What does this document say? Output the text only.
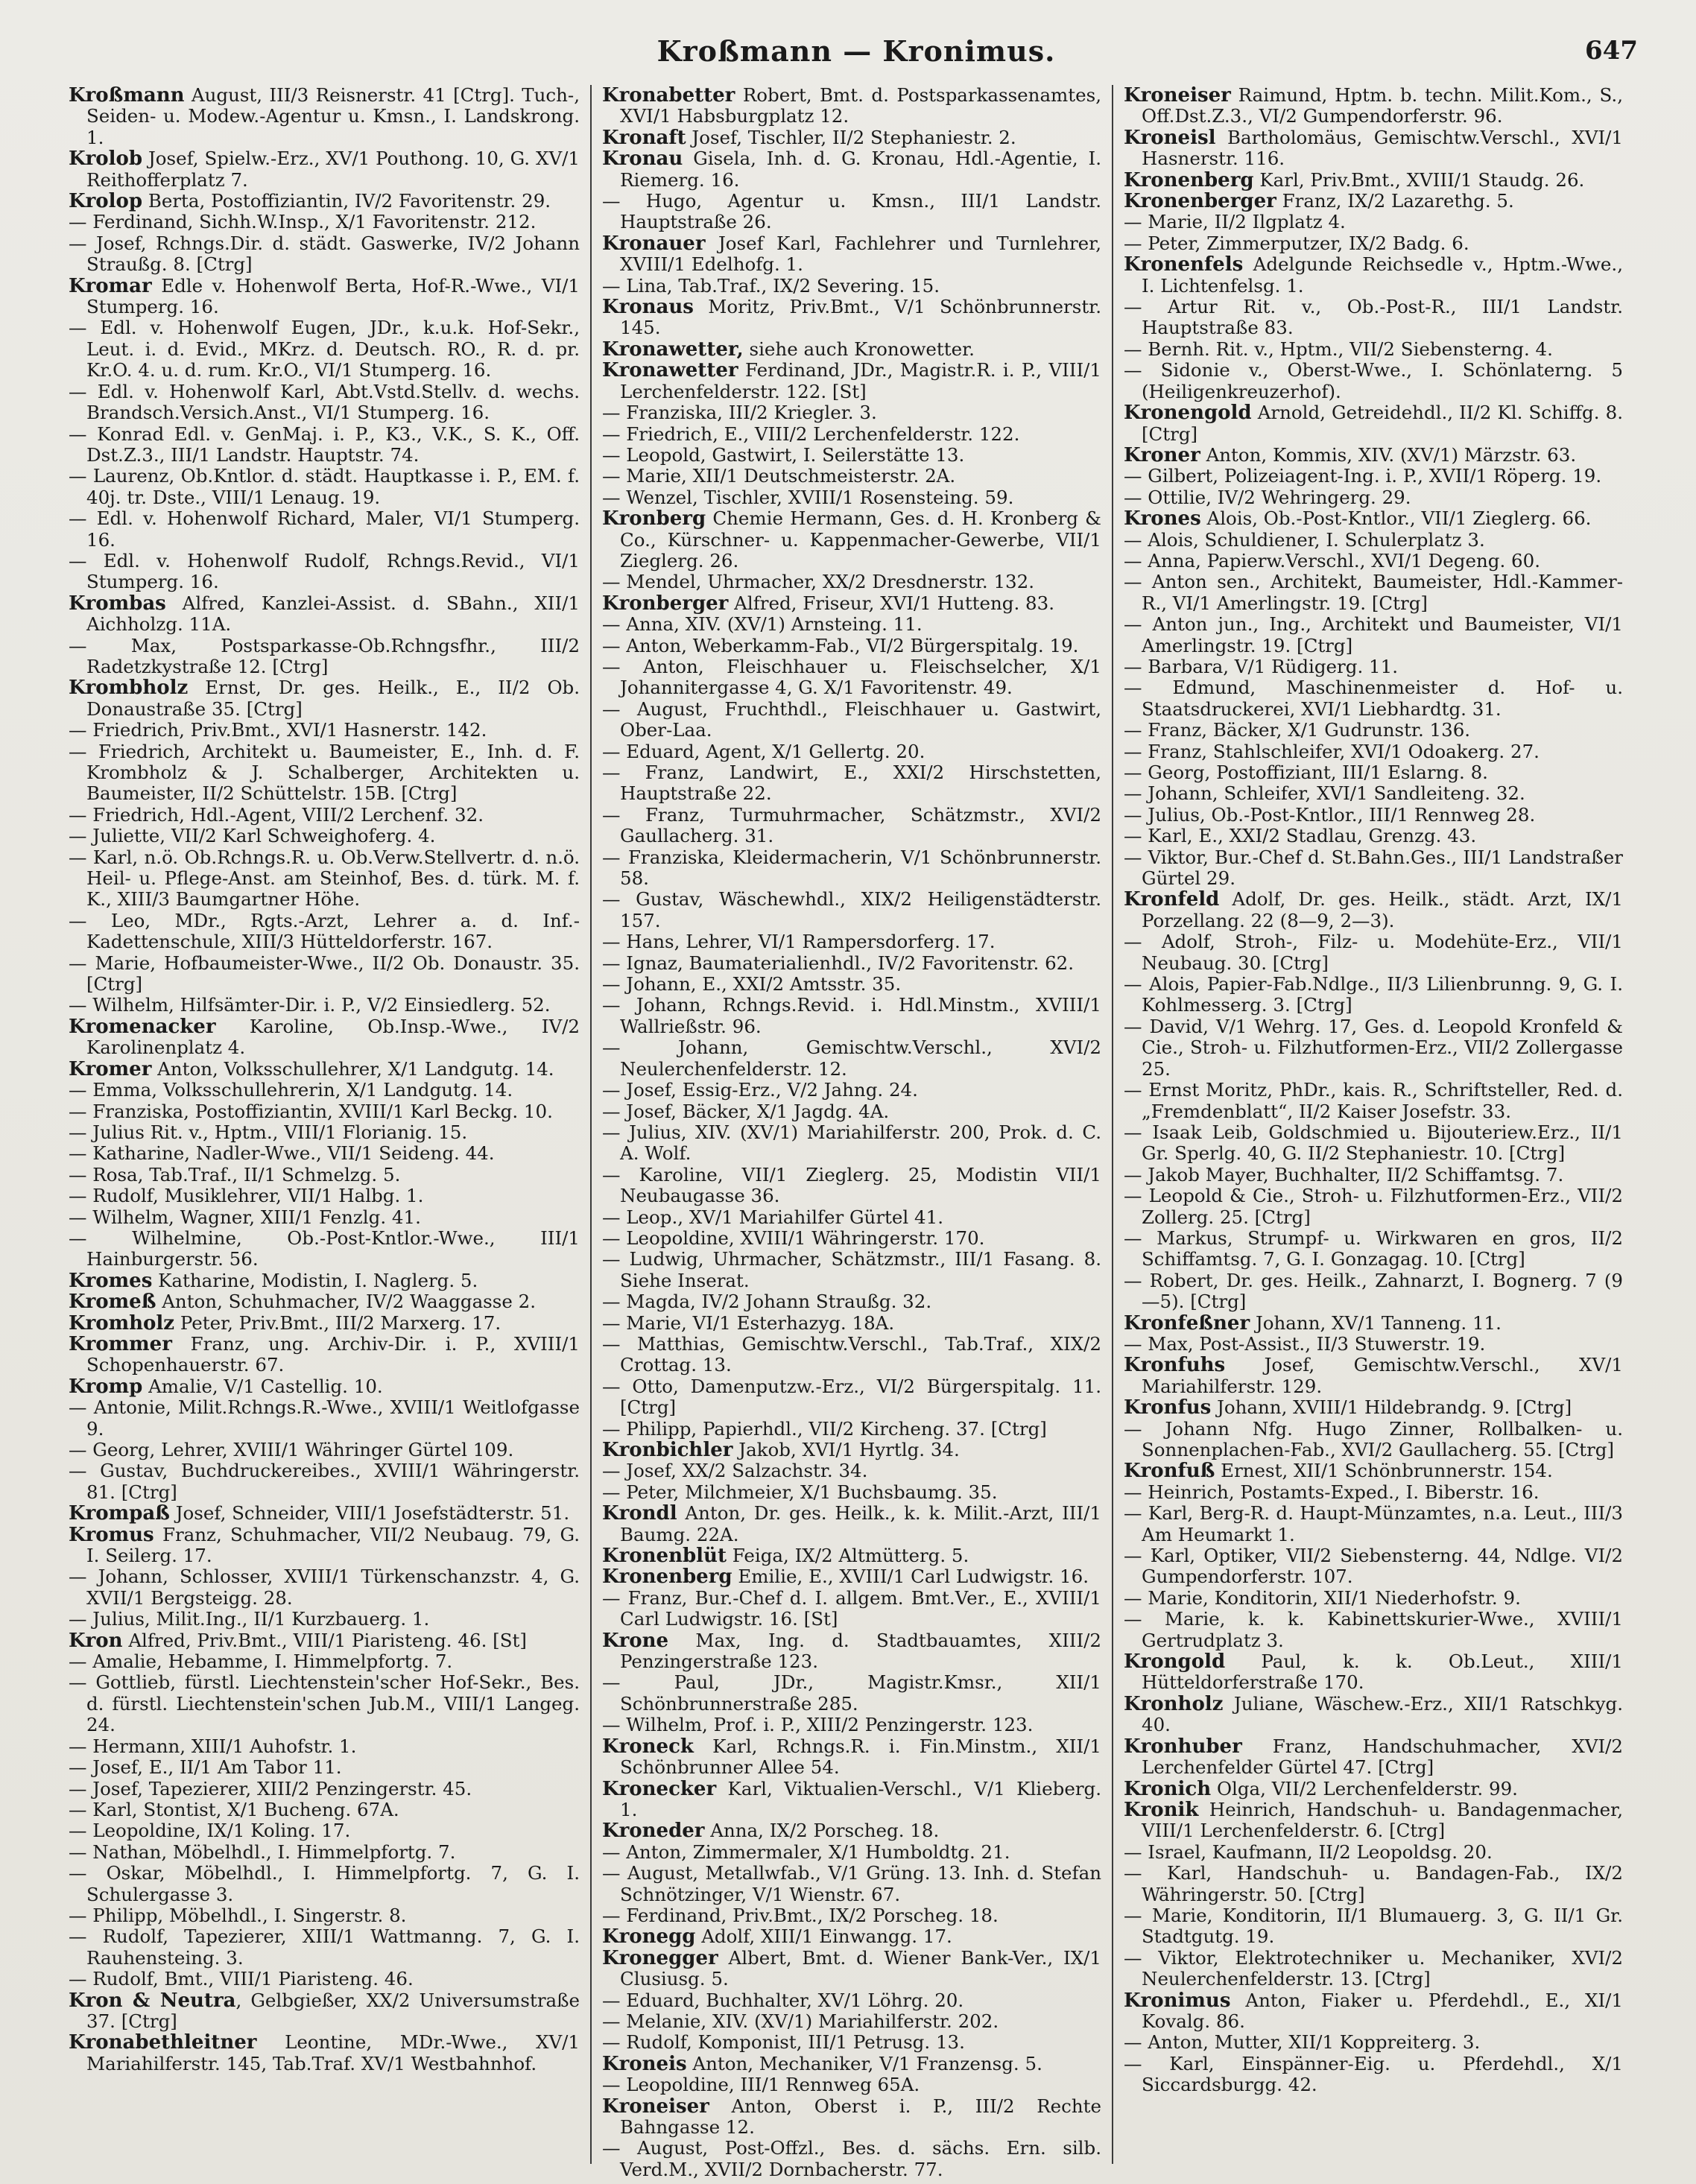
Kroßmann — Kronimus.	647

Kroßmann August, III/3 Reisnerstr. 41 [Ctrg]. Tuch-, Seiden- u. Modew.-Agentur u. Kmsn., I. Landskrong. 1.

Krolob Josef, Spielw.-Erz., XV/1 Pouthong. 10, G. XV/1 Reithofferplatz 7.

Krolop Berta, Postoffiziantin, IV/2 Favoritenstr. 29.

— Ferdinand, Sichh.W.Insp., X/1 Favoritenstr. 212.

— Josef, Rchngs.Dir. d. städt. Gaswerke, IV/2 Johann Straußg. 8. [Ctrg]

Kromar Edle v. Hohenwolf Berta, Hof-R.-Wwe., VI/1 Stumperg. 16.

— Edl. v. Hohenwolf Eugen, JDr., k.u.k. Hof-Sekr., Leut. i. d. Evid., MKrz. d. Deutsch. RO., R. d. pr. Kr.O. 4. u. d. rum. Kr.O., VI/1 Stumperg. 16.

— Edl. v. Hohenwolf Karl, Abt.Vstd.Stellv. d. wechs. Brandsch.Versich.Anst., VI/1 Stumperg. 16.

— Konrad Edl. v. GenMaj. i. P., K3., V.K., S. K., Off. Dst.Z.3., III/1 Landstr. Hauptstr. 74.

— Laurenz, Ob.Kntlor. d. städt. Hauptkasse i. P., EM. f. 40j. tr. Dste., VIII/1 Lenaug. 19.

— Edl. v. Hohenwolf Richard, Maler, VI/1 Stumperg. 16.

— Edl. v. Hohenwolf Rudolf, Rchngs.Revid., VI/1 Stumperg. 16.

Krombas Alfred, Kanzlei-Assist. d. SBahn., XII/1 Aichholzg. 11A.

— Max, Postsparkasse-Ob.Rchngsfhr., III/2 Radetzkystraße 12. [Ctrg]

Krombholz Ernst, Dr. ges. Heilk., E., II/2 Ob. Donaustraße 35. [Ctrg]

— Friedrich, Priv.Bmt., XVI/1 Hasnerstr. 142.

— Friedrich, Architekt u. Baumeister, E., Inh. d. F. Krombholz & J. Schalberger, Architekten u. Baumeister, II/2 Schüttelstr. 15B. [Ctrg]

— Friedrich, Hdl.-Agent, VIII/2 Lerchenf. 32.

— Juliette, VII/2 Karl Schweighoferg. 4.

— Karl, n.ö. Ob.Rchngs.R. u. Ob.Verw.Stellvertr. d. n.ö. Heil- u. Pflege-Anst. am Steinhof, Bes. d. türk. M. f. K., XIII/3 Baumgartner Höhe.

— Leo, MDr., Rgts.-Arzt, Lehrer a. d. Inf.-Kadettenschule, XIII/3 Hütteldorferstr. 167.

— Marie, Hofbaumeister-Wwe., II/2 Ob. Donaustr. 35. [Ctrg]

— Wilhelm, Hilfsämter-Dir. i. P., V/2 Einsiedlerg. 52.

Kromenacker Karoline, Ob.Insp.-Wwe., IV/2 Karolinenplatz 4.

Kromer Anton, Volksschullehrer, X/1 Landgutg. 14.

— Emma, Volksschullehrerin, X/1 Landgutg. 14.

— Franziska, Postoffiziantin, XVIII/1 Karl Beckg. 10.

— Julius Rit. v., Hptm., VIII/1 Florianig. 15.

— Katharine, Nadler-Wwe., VII/1 Seideng. 44.

— Rosa, Tab.Traf., II/1 Schmelzg. 5.

— Rudolf, Musiklehrer, VII/1 Halbg. 1.

— Wilhelm, Wagner, XIII/1 Fenzlg. 41.

— Wilhelmine, Ob.-Post-Kntlor.-Wwe., III/1 Hainburgerstr. 56.

Kromes Katharine, Modistin, I. Naglerg. 5.

Kromeß Anton, Schuhmacher, IV/2 Waaggasse 2.

Kromholz Peter, Priv.Bmt., III/2 Marxerg. 17.

Krommer Franz, ung. Archiv-Dir. i. P., XVIII/1 Schopenhauerstr. 67.

Kromp Amalie, V/1 Castellig. 10.

— Antonie, Milit.Rchngs.R.-Wwe., XVIII/1 Weitlofgasse 9.

— Georg, Lehrer, XVIII/1 Währinger Gürtel 109.

— Gustav, Buchdruckereibes., XVIII/1 Währingerstr. 81. [Ctrg]

Krompaß Josef, Schneider, VIII/1 Josefstädterstr. 51.

Kromus Franz, Schuhmacher, VII/2 Neubaug. 79, G. I. Seilerg. 17.

— Johann, Schlosser, XVIII/1 Türkenschanzstr. 4, G. XVII/1 Bergsteigg. 28.

— Julius, Milit.Ing., II/1 Kurzbauerg. 1.

Kron Alfred, Priv.Bmt., VIII/1 Piaristeng. 46. [St]

— Amalie, Hebamme, I. Himmelpfortg. 7.

— Gottlieb, fürstl. Liechtenstein'scher Hof-Sekr., Bes. d. fürstl. Liechtenstein'schen Jub.M., VIII/1 Langeg. 24.

— Hermann, XIII/1 Auhofstr. 1.

— Josef, E., II/1 Am Tabor 11.

— Josef, Tapezierer, XIII/2 Penzingerstr. 45.

— Karl, Stontist, X/1 Bucheng. 67A.

— Leopoldine, IX/1 Koling. 17.

— Nathan, Möbelhdl., I. Himmelpfortg. 7.

— Oskar, Möbelhdl., I. Himmelpfortg. 7, G. I. Schulergasse 3.

— Philipp, Möbelhdl., I. Singerstr. 8.

— Rudolf, Tapezierer, XIII/1 Wattmanng. 7, G. I. Rauhensteing. 3.

— Rudolf, Bmt., VIII/1 Piaristeng. 46.

Kron & Neutra, Gelbgießer, XX/2 Universumstraße 37. [Ctrg]

Kronabethleitner Leontine, MDr.-Wwe., XV/1 Mariahilferstr. 145, Tab.Traf. XV/1 Westbahnhof.

Kronabetter Robert, Bmt. d. Postsparkassenamtes, XVI/1 Habsburgplatz 12.

Kronaft Josef, Tischler, II/2 Stephaniestr. 2.

Kronau Gisela, Inh. d. G. Kronau, Hdl.-Agentie, I. Riemerg. 16.

— Hugo, Agentur u. Kmsn., III/1 Landstr. Hauptstraße 26.

Kronauer Josef Karl, Fachlehrer und Turnlehrer, XVIII/1 Edelhofg. 1.

— Lina, Tab.Traf., IX/2 Severing. 15.

Kronaus Moritz, Priv.Bmt., V/1 Schönbrunnerstr. 145.

Kronawetter, siehe auch Kronowetter.

Kronawetter Ferdinand, JDr., Magistr.R. i. P., VIII/1 Lerchenfelderstr. 122. [St]

— Franziska, III/2 Kriegler. 3.

— Friedrich, E., VIII/2 Lerchenfelderstr. 122.

— Leopold, Gastwirt, I. Seilerstätte 13.

— Marie, XII/1 Deutschmeisterstr. 2A.

— Wenzel, Tischler, XVIII/1 Rosensteing. 59.

Kronberg Chemie Hermann, Ges. d. H. Kronberg & Co., Kürschner- u. Kappenmacher-Gewerbe, VII/1 Zieglerg. 26.

— Mendel, Uhrmacher, XX/2 Dresdnerstr. 132.

Kronberger Alfred, Friseur, XVI/1 Hutteng. 83.

— Anna, XIV. (XV/1) Arnsteing. 11.

— Anton, Weberkamm-Fab., VI/2 Bürgerspitalg. 19.

— Anton, Fleischhauer u. Fleischselcher, X/1 Johannitergasse 4, G. X/1 Favoritenstr. 49.

— August, Fruchthdl., Fleischhauer u. Gastwirt, Ober-Laa.

— Eduard, Agent, X/1 Gellertg. 20.

— Franz, Landwirt, E., XXI/2 Hirschstetten, Hauptstraße 22.

— Franz, Turmuhrmacher, Schätzmstr., XVI/2 Gaullacherg. 31.

— Franziska, Kleidermacherin, V/1 Schönbrunnerstr. 58.

— Gustav, Wäschewhdl., XIX/2 Heiligenstädterstr. 157.

— Hans, Lehrer, VI/1 Rampersdorferg. 17.

— Ignaz, Baumaterialienhdl., IV/2 Favoritenstr. 62.

— Johann, E., XXI/2 Amtsstr. 35.

— Johann, Rchngs.Revid. i. Hdl.Minstm., XVIII/1 Wallrießstr. 96.

— Johann, Gemischtw.Verschl., XVI/2 Neulerchenfelderstr. 12.

— Josef, Essig-Erz., V/2 Jahng. 24.

— Josef, Bäcker, X/1 Jagdg. 4A.

— Julius, XIV. (XV/1) Mariahilferstr. 200, Prok. d. C. A. Wolf.

— Karoline, VII/1 Zieglerg. 25, Modistin VII/1 Neubaugasse 36.

— Leop., XV/1 Mariahilfer Gürtel 41.

— Leopoldine, XVIII/1 Währingerstr. 170.

— Ludwig, Uhrmacher, Schätzmstr., III/1 Fasang. 8. Siehe Inserat.

— Magda, IV/2 Johann Straußg. 32.

— Marie, VI/1 Esterhazyg. 18A.

— Matthias, Gemischtw.Verschl., Tab.Traf., XIX/2 Crottag. 13.

— Otto, Damenputzw.-Erz., VI/2 Bürgerspitalg. 11. [Ctrg]

— Philipp, Papierhdl., VII/2 Kircheng. 37. [Ctrg]

Kronbichler Jakob, XVI/1 Hyrtlg. 34.

— Josef, XX/2 Salzachstr. 34.

— Peter, Milchmeier, X/1 Buchsbaumg. 35.

Krondl Anton, Dr. ges. Heilk., k. k. Milit.-Arzt, III/1 Baumg. 22A.

Kronenblüt Feiga, IX/2 Altmütterg. 5.

Kronenberg Emilie, E., XVIII/1 Carl Ludwigstr. 16.

— Franz, Bur.-Chef d. I. allgem. Bmt.Ver., E., XVIII/1 Carl Ludwigstr. 16. [St]

Krone Max, Ing. d. Stadtbauamtes, XIII/2 Penzingerstraße 123.

— Paul, JDr., Magistr.Kmsr., XII/1 Schönbrunnerstraße 285.

— Wilhelm, Prof. i. P., XIII/2 Penzingerstr. 123.

Kroneck Karl, Rchngs.R. i. Fin.Minstm., XII/1 Schönbrunner Allee 54.

Kronecker Karl, Viktualien-Verschl., V/1 Klieberg. 1.

Kroneder Anna, IX/2 Porscheg. 18.

— Anton, Zimmermaler, X/1 Humboldtg. 21.

— August, Metallwfab., V/1 Grüng. 13. Inh. d. Stefan Schnötzinger, V/1 Wienstr. 67.

— Ferdinand, Priv.Bmt., IX/2 Porscheg. 18.

Kronegg Adolf, XIII/1 Einwangg. 17.

Kronegger Albert, Bmt. d. Wiener Bank-Ver., IX/1 Clusiusg. 5.

— Eduard, Buchhalter, XV/1 Löhrg. 20.

— Melanie, XIV. (XV/1) Mariahilferstr. 202.

— Rudolf, Komponist, III/1 Petrusg. 13.

Kroneis Anton, Mechaniker, V/1 Franzensg. 5.

— Leopoldine, III/1 Rennweg 65A.

Kroneiser Anton, Oberst i. P., III/2 Rechte Bahngasse 12.

— August, Post-Offzl., Bes. d. sächs. Ern. silb. Verd.M., XVII/2 Dornbacherstr. 77.

Kroneiser Raimund, Hptm. b. techn. Milit.Kom., S., Off.Dst.Z.3., VI/2 Gumpendorferstr. 96.

Kroneisl Bartholomäus, Gemischtw.Verschl., XVI/1 Hasnerstr. 116.

Kronenberg Karl, Priv.Bmt., XVIII/1 Staudg. 26.

Kronenberger Franz, IX/2 Lazarethg. 5.

— Marie, II/2 Ilgplatz 4.

— Peter, Zimmerputzer, IX/2 Badg. 6.

Kronenfels Adelgunde Reichsedle v., Hptm.-Wwe., I. Lichtenfelsg. 1.

— Artur Rit. v., Ob.-Post-R., III/1 Landstr. Hauptstraße 83.

— Bernh. Rit. v., Hptm., VII/2 Siebensterng. 4.

— Sidonie v., Oberst-Wwe., I. Schönlaterng. 5 (Heiligenkreuzerhof).

Kronengold Arnold, Getreidehdl., II/2 Kl. Schiffg. 8. [Ctrg]

Kroner Anton, Kommis, XIV. (XV/1) Märzstr. 63.

— Gilbert, Polizeiagent-Ing. i. P., XVII/1 Röperg. 19.

— Ottilie, IV/2 Wehringerg. 29.

Krones Alois, Ob.-Post-Kntlor., VII/1 Zieglerg. 66.

— Alois, Schuldiener, I. Schulerplatz 3.

— Anna, Papierw.Verschl., XVI/1 Degeng. 60.

— Anton sen., Architekt, Baumeister, Hdl.-Kammer-R., VI/1 Amerlingstr. 19. [Ctrg]

— Anton jun., Ing., Architekt und Baumeister, VI/1 Amerlingstr. 19. [Ctrg]

— Barbara, V/1 Rüdigerg. 11.

— Edmund, Maschinenmeister d. Hof- u. Staatsdruckerei, XVI/1 Liebhardtg. 31.

— Franz, Bäcker, X/1 Gudrunstr. 136.

— Franz, Stahlschleifer, XVI/1 Odoakerg. 27.

— Georg, Postoffiziant, III/1 Eslarng. 8.

— Johann, Schleifer, XVI/1 Sandleiteng. 32.

— Julius, Ob.-Post-Kntlor., III/1 Rennweg 28.

— Karl, E., XXI/2 Stadlau, Grenzg. 43.

— Viktor, Bur.-Chef d. St.Bahn.Ges., III/1 Landstraßer Gürtel 29.

Kronfeld Adolf, Dr. ges. Heilk., städt. Arzt, IX/1 Porzellang. 22 (8—9, 2—3).

— Adolf, Stroh-, Filz- u. Modehüte-Erz., VII/1 Neubaug. 30. [Ctrg]

— Alois, Papier-Fab.Ndlge., II/3 Lilienbrunng. 9, G. I. Kohlmesserg. 3. [Ctrg]

— David, V/1 Wehrg. 17, Ges. d. Leopold Kronfeld & Cie., Stroh- u. Filzhutformen-Erz., VII/2 Zollergasse 25.

— Ernst Moritz, PhDr., kais. R., Schriftsteller, Red. d. „Fremdenblatt“, II/2 Kaiser Josefstr. 33.

— Isaak Leib, Goldschmied u. Bijouteriew.Erz., II/1 Gr. Sperlg. 40, G. II/2 Stephaniestr. 10. [Ctrg]

— Jakob Mayer, Buchhalter, II/2 Schiffamtsg. 7.

— Leopold & Cie., Stroh- u. Filzhutformen-Erz., VII/2 Zollerg. 25. [Ctrg]

— Markus, Strumpf- u. Wirkwaren en gros, II/2 Schiffamtsg. 7, G. I. Gonzagag. 10. [Ctrg]

— Robert, Dr. ges. Heilk., Zahnarzt, I. Bognerg. 7 (9—5). [Ctrg]

Kronfeßner Johann, XV/1 Tanneng. 11.

— Max, Post-Assist., II/3 Stuwerstr. 19.

Kronfuhs Josef, Gemischtw.Verschl., XV/1 Mariahilferstr. 129.

Kronfus Johann, XVIII/1 Hildebrandg. 9. [Ctrg]

— Johann Nfg. Hugo Zinner, Rollbalken- u. Sonnenplachen-Fab., XVI/2 Gaullacherg. 55. [Ctrg]

Kronfuß Ernest, XII/1 Schönbrunnerstr. 154.

— Heinrich, Postamts-Exped., I. Biberstr. 16.

— Karl, Berg-R. d. Haupt-Münzamtes, n.a. Leut., III/3 Am Heumarkt 1.

— Karl, Optiker, VII/2 Siebensterng. 44, Ndlge. VI/2 Gumpendorferstr. 107.

— Marie, Konditorin, XII/1 Niederhofstr. 9.

— Marie, k. k. Kabinettskurier-Wwe., XVIII/1 Gertrudplatz 3.

Krongold Paul, k. k. Ob.Leut., XIII/1 Hütteldorferstraße 170.

Kronholz Juliane, Wäschew.-Erz., XII/1 Ratschkyg. 40.

Kronhuber Franz, Handschuhmacher, XVI/2 Lerchenfelder Gürtel 47. [Ctrg]

Kronich Olga, VII/2 Lerchenfelderstr. 99.

Kronik Heinrich, Handschuh- u. Bandagenmacher, VIII/1 Lerchenfelderstr. 6. [Ctrg]

— Israel, Kaufmann, II/2 Leopoldsg. 20.

— Karl, Handschuh- u. Bandagen-Fab., IX/2 Währingerstr. 50. [Ctrg]

— Marie, Konditorin, II/1 Blumauerg. 3, G. II/1 Gr. Stadtgutg. 19.

— Viktor, Elektrotechniker u. Mechaniker, XVI/2 Neulerchenfelderstr. 13. [Ctrg]

Kronimus Anton, Fiaker u. Pferdehdl., E., XI/1 Kovalg. 86.

— Anton, Mutter, XII/1 Koppreiterg. 3.

— Karl, Einspänner-Eig. u. Pferdehdl., X/1 Siccardsburgg. 42.
